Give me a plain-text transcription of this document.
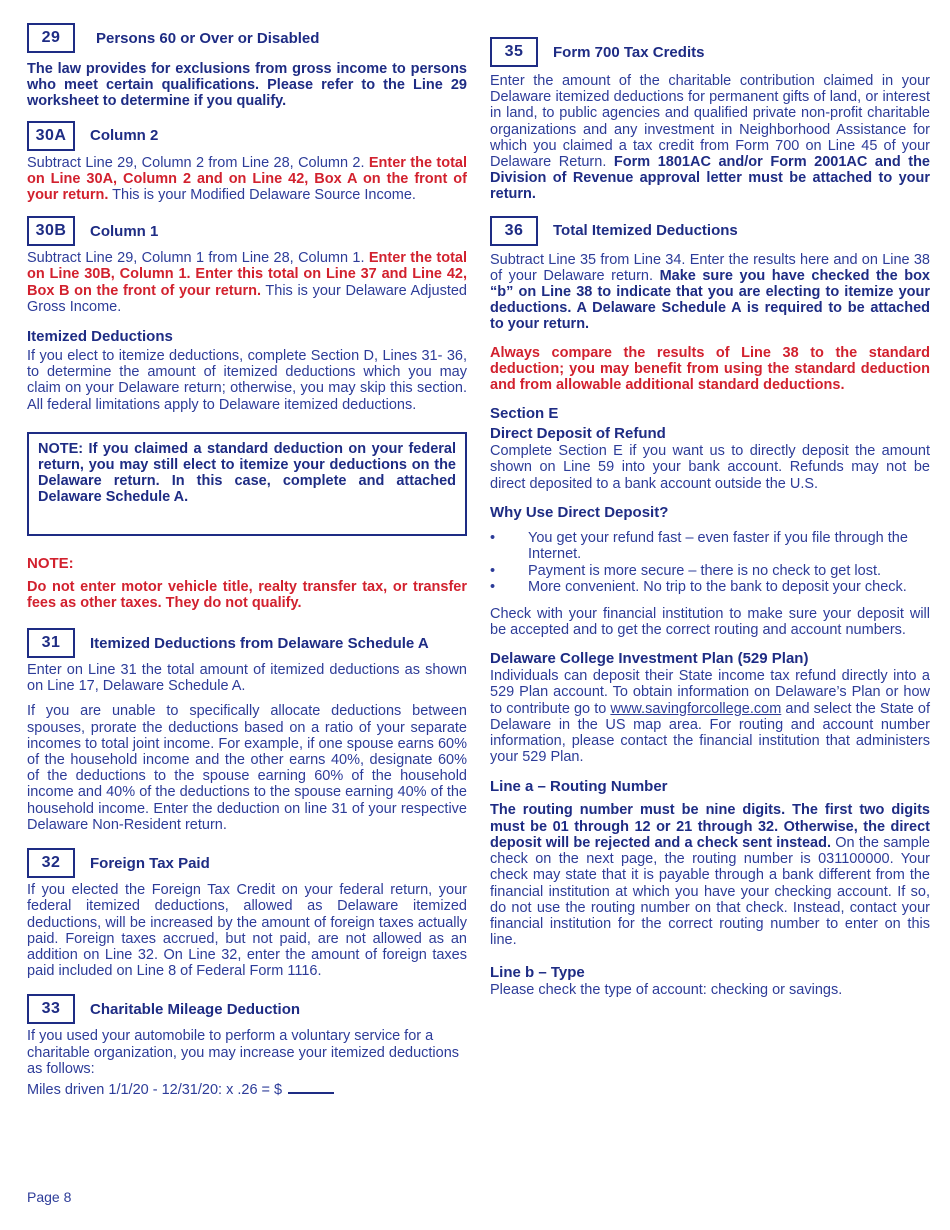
29	Persons 60 or Over or Disabled

The law provides for exclusions from gross income to persons who meet certain qualifications. Please refer to the Line 29 worksheet to determine if you qualify.

30A	Column 2

Subtract Line 29, Column 2 from Line 28, Column 2. Enter the total on Line 30A, Column 2 and on Line 42, Box A on the front of your return. This is your Modified Delaware Source Income.

30B	Column 1

Subtract Line 29, Column 1 from Line 28, Column 1. Enter the total on Line 30B, Column 1. Enter this total on Line 37 and Line 42, Box B on the front of your return. This is your Delaware Adjusted Gross Income.

Itemized Deductions

If you elect to itemize deductions, complete Section D, Lines 31- 36, to determine the amount of itemized deductions which you may claim on your Delaware return; otherwise, you may skip this section. All federal limitations apply to Delaware itemized deductions.

NOTE: If you claimed a standard deduction on your federal return, you may still elect to itemize your deductions on the Delaware return. In this case, complete and attached Delaware Schedule A.

NOTE:

Do not enter motor vehicle title, realty transfer tax, or transfer fees as other taxes. They do not qualify.

31	Itemized Deductions from Delaware Schedule A

Enter on Line 31 the total amount of itemized deductions as shown on Line 17, Delaware Schedule A.

If you are unable to specifically allocate deductions between spouses, prorate the deductions based on a ratio of your separate incomes to total joint income. For example, if one spouse earns 60% of the household income and the other earns 40%, designate 60% of the deductions to the spouse earning 60% of the household income and 40% of the deductions to the spouse earning 40% of the household income. Enter the deduction on line 31 of your respective Delaware Non-Resident return.

32	Foreign Tax Paid

If you elected the Foreign Tax Credit on your federal return, your federal itemized deductions, allowed as Delaware itemized deductions, will be increased by the amount of foreign taxes actually paid. Foreign taxes accrued, but not paid, are not allowed as an addition on Line 32. On Line 32, enter the amount of foreign taxes paid included on Line 8 of Federal Form 1116.

33	Charitable Mileage Deduction

If you used your automobile to perform a voluntary service for a charitable organization, you may increase your itemized deductions as follows:

Miles driven 1/1/20 - 12/31/20: x .26 = $

35	Form 700 Tax Credits

Enter the amount of the charitable contribution claimed in your Delaware itemized deductions for permanent gifts of land, or interest in land, to public agencies and qualified private non-profit charitable organizations and any investment in Neighborhood Assistance for which you claimed a tax credit from Form 700 on Line 45 of your Delaware Return. Form 1801AC and/or Form 2001AC and the Division of Revenue approval letter must be attached to your return.

36	Total Itemized Deductions

Subtract Line 35 from Line 34. Enter the results here and on Line 38 of your Delaware return. Make sure you have checked the box “b” on Line 38 to indicate that you are electing to itemize your deductions. A Delaware Schedule A is required to be attached to your return.

Always compare the results of Line 38 to the standard deduction; you may benefit from using the standard deduction and from allowable additional standard deductions.

Section E

Direct Deposit of Refund

Complete Section E if you want us to directly deposit the amount shown on Line 59 into your bank account. Refunds may not be direct deposited to a bank account outside the U.S.

Why Use Direct Deposit?

•	You get your refund fast – even faster if you file through the Internet.
•	Payment is more secure – there is no check to get lost.
•	More convenient. No trip to the bank to deposit your check.

Check with your financial institution to make sure your deposit will be accepted and to get the correct routing and account numbers.

Delaware College Investment Plan (529 Plan)

Individuals can deposit their State income tax refund directly into a 529 Plan account. To obtain information on Delaware’s Plan or how to contribute go to www.savingforcollege.com and select the State of Delaware in the US map area. For routing and account number information, please contact the financial institution that administers your 529 Plan.

Line a – Routing Number

The routing number must be nine digits. The first two digits must be 01 through 12 or 21 through 32. Otherwise, the direct deposit will be rejected and a check sent instead. On the sample check on the next page, the routing number is 031100000. Your check may state that it is payable through a bank different from the financial institution at which you have your checking account. If so, do not use the routing number on that check. Instead, contact your financial institution for the correct routing number to enter on this line.

Line b – Type

Please check the type of account: checking or savings.

Page 8
